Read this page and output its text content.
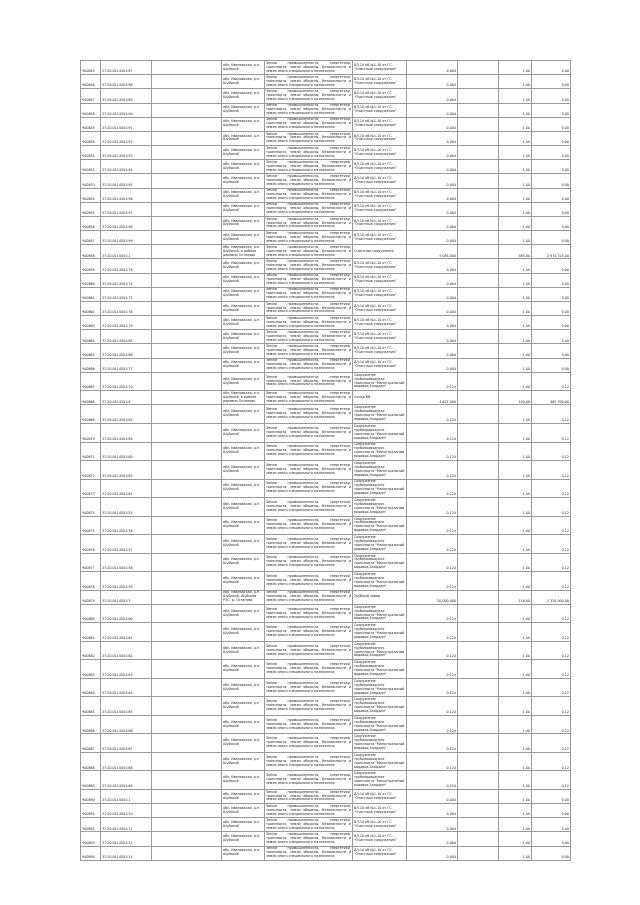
Ч00845	27:20:0114501:87		обл. Ивановская, р-н Шуйский	Земли промышленности, энергетики, транспорта, земли обороны, безопасности и земли иного специального назначения	ВЛ-10 кВ №1-10 от ГС "Очистные сооружения"	0,004		1,00	0,00
Ч00846	37:20:0114501:88		обл. Ивановская, р-н Шуйский	Земли промышленности, энергетики, транспорта, земли обороны, безопасности и земли иного специального назначения	ВЛ-10 кВ №1-10 от ГС "Очистные сооружения"	0,004		1,00	0,00
Ч00847	37:20:0114501:89		обл. Ивановская, р-н Шуйский	Земли промышленности, энергетики, транспорта, земли обороны, безопасности и земли иного специального назначения	ВЛ-10 кВ №1-10 от ГС "Очистные сооружения"	0,004		1,00	0,00
Ч00848	37:20:0114501:90		обл. Ивановская, р-н Шуйский	Земли промышленности, энергетики, транспорта, земли обороны, безопасности и земли иного специального назначения	ВЛ-10 кВ №1-10 от ГС "Очистные сооружения"	0,004		1,00	0,00
Ч00849	37:20:0114501:91		обл. Ивановская, р-н Шуйский	Земли промышленности, энергетики, транспорта, земли обороны, безопасности и земли иного специального назначения	ВЛ-10 кВ №1-10 от ГС "Очистные сооружения"	0,004		1,00	0,00
Ч00850	37:20:0114501:92		обл. Ивановская, р-н Шуйский	Земли промышленности, энергетики, транспорта, земли обороны, безопасности и земли иного специального назначения	ВЛ-10 кВ №1-10 от ГС "Очистные сооружения"	0,004		1,00	0,00
Ч00851	37:20:0114501:93		обл. Ивановская, р-н Шуйский	Земли промышленности, энергетики, транспорта, земли обороны, безопасности и земли иного специального назначения	ВЛ-10 кВ №1-10 от ГС "Очистные сооружения"	0,004		1,00	0,00
Ч00852	37:20:0114501:94		обл. Ивановская, р-н Шуйский	Земли промышленности, энергетики, транспорта, земли обороны, безопасности и земли иного специального назначения	ВЛ-10 кВ №1-10 от ГС "Очистные сооружения"	0,004		1,00	0,00
Ч00853	37:20:0114501:95		обл. Ивановская, р-н Шуйский	Земли промышленности, энергетики, транспорта, земли обороны, безопасности и земли иного специального назначения	ВЛ-10 кВ №1-10 от ГС "Очистные сооружения"	0,004		1,00	0,00
Ч00854	37:20:0114501:96		обл. Ивановская, р-н Шуйский	Земли промышленности, энергетики, транспорта, земли обороны, безопасности и земли иного специального назначения	ВЛ-10 кВ №1-10 от ГС "Очистные сооружения"	0,004		1,00	0,00
Ч00855	37:20:0114501:97		обл. Ивановская, р-н Шуйский	Земли промышленности, энергетики, транспорта, земли обороны, безопасности и земли иного специального назначения	ВЛ-10 кВ №1-10 от ГС "Очистные сооружения"	0,004		1,00	0,00
Ч00856	37:20:0114501:98		обл. Ивановская, р-н Шуйский	Земли промышленности, энергетики, транспорта, земли обороны, безопасности и земли иного специального назначения	ВЛ-10 кВ №1-10 от ГС "Очистные сооружения"	0,004		1,00	0,00
Ч00857	37:20:0114501:99		обл. Ивановская, р-н Шуйский	Земли промышленности, энергетики, транспорта, земли обороны, безопасности и земли иного специального назначения	ВЛ-10 кВ №1-10 от ГС "Очистные сооружения"	0,004		1,00	0,00
Ч00858	37:20:0114501:1		обл. Ивановская, р-н Шуйский, в районе деревни Остапово	Земли промышленности, энергетики, транспорта, земли обороны, безопасности и земли иного специального назначения	Очистные сооружения	5 085,000		585,00	2 974 725,00
Ч00859	37:20:0114501:78		обл. Ивановская, р-н Шуйский	Земли промышленности, энергетики, транспорта, земли обороны, безопасности и земли иного специального назначения	ВЛ-10 кВ №1-10 от ГС "Очистные сооружения"	0,004		1,00	0,00
Ч00860	37:20:0114501:74		обл. Ивановская, р-н Шуйский	Земли промышленности, энергетики, транспорта, земли обороны, безопасности и земли иного специального назначения	ВЛ-10 кВ №1-10 от ГС "Очистные сооружения"	0,004		1,00	0,00
Ч00861	37:20:0114501:75		обл. Ивановская, р-н Шуйский	Земли промышленности, энергетики, транспорта, земли обороны, безопасности и земли иного специального назначения	ВЛ-10 кВ №1-10 от ГС "Очистные сооружения"	0,004		1,00	0,00
Ч00862	37:20:0114501:76		обл. Ивановская, р-н Шуйский	Земли промышленности, энергетики, транспорта, земли обороны, безопасности и земли иного специального назначения	ВЛ-10 кВ №1-10 от ГС "Очистные сооружения"	0,004		1,00	0,00
Ч00863	37:20:0114501:79		обл. Ивановская, р-н Шуйский	Земли промышленности, энергетики, транспорта, земли обороны, безопасности и земли иного специального назначения	ВЛ-10 кВ №1-10 от ГС "Очистные сооружения"	0,004		1,00	0,00
Ч00864	37:20:0114501:85		обл. Ивановская, р-н Шуйский	Земли промышленности, энергетики, транспорта, земли обороны, безопасности и земли иного специального назначения	ВЛ-10 кВ №1-10 от ГС "Очистные сооружения"	0,004		1,00	0,00
Ч00865	37:20:0114501:86		обл. Ивановская, р-н Шуйский	Земли промышленности, энергетики, транспорта, земли обороны, безопасности и земли иного специального назначения	ВЛ-10 кВ №1-10 от ГС "Очистные сооружения"	0,004		1,00	0,00
Ч00866	37:20:0114501:77		обл. Ивановская, р-н Шуйский	Земли промышленности, энергетики, транспорта, земли обороны, безопасности и земли иного специального назначения	ВЛ-10 кВ №1-10 от ГС "Очистные сооружения"	0,004		1,00	0,00
Ч00867	37:20:0114501:70		обл. Ивановская, р-н Шуйский	Земли промышленности, энергетики, транспорта, земли обороны, безопасности и земли иного специального назначения	Сооружение трубопроводного транспорта "Магистральный водовод Аладдин"	0,124		1,00	0,12
Ч00868	37:20:0114501:8		обл. Ивановская, р-н Шуйский, в районе деревни Остапово	Земли промышленности, энергетики, транспорта, земли обороны, безопасности и земли иного специального назначения	Склад ВВ	4 627,000		100,00	462 700,00
Ч00869	37:20:0114501:82		обл. Ивановская, р-н Шуйский	Земли промышленности, энергетики, транспорта, земли обороны, безопасности и земли иного специального назначения	Сооружение трубопроводного транспорта "Магистральный водовод Аладдин"	0,124		1,00	0,12
Ч00870	37:20:0114501:84		обл. Ивановская, р-н Шуйский	Земли промышленности, энергетики, транспорта, земли обороны, безопасности и земли иного специального назначения	Сооружение трубопроводного транспорта "Магистральный водовод Аладдин"	0,124		1,00	0,12
Ч00871	37:20:0114501:80		обл. Ивановская, р-н Шуйский	Земли промышленности, энергетики, транспорта, земли обороны, безопасности и земли иного специального назначения	Сооружение трубопроводного транспорта "Магистральный водовод Аладдин"	0,124		1,00	0,12
Ч00872	37:20:0114501:83		обл. Ивановская, р-н Шуйский	Земли промышленности, энергетики, транспорта, земли обороны, безопасности и земли иного специального назначения	Сооружение трубопроводного транспорта "Магистральный водовод Аладдин"	0,124		1,00	0,12
Ч00873	37:20:0114501:81		обл. Ивановская, р-н Шуйский	Земли промышленности, энергетики, транспорта, земли обороны, безопасности и земли иного специального назначения	Сооружение трубопроводного транспорта "Магистральный водовод Аладдин"	0,124		1,00	0,12
Ч00874	37:20:0114501:55		обл. Ивановская, р-н Шуйский	Земли промышленности, энергетики, транспорта, земли обороны, безопасности и земли иного специального назначения	Сооружение трубопроводного транспорта "Магистральный водовод Аладдин"	0,124		1,00	0,12
Ч00875	37:20:0114501:56		обл. Ивановская, р-н Шуйский	Земли промышленности, энергетики, транспорта, земли обороны, безопасности и земли иного специального назначения	Сооружение трубопроводного транспорта "Магистральный водовод Аладдин"	0,124		1,00	0,12
Ч00876	37:20:0114501:57		обл. Ивановская, р-н Шуйский	Земли промышленности, энергетики, транспорта, земли обороны, безопасности и земли иного специального назначения	Сооружение трубопроводного транспорта "Магистральный водовод Аладдин"	0,124		1,00	0,12
Ч00877	37:20:0114501:58		обл. Ивановская, р-н Шуйский	Земли промышленности, энергетики, транспорта, земли обороны, безопасности и земли иного специального назначения	Сооружение трубопроводного транспорта "Магистральный водовод Аладдин"	0,124		1,00	0,12
Ч00878	37:20:0114501:59		обл. Ивановская, р-н Шуйский	Земли промышленности, энергетики, транспорта, земли обороны, безопасности и земли иного специального назначения	Сооружение трубопроводного транспорта "Магистральный водовод Аладдин"	0,124		1,00	0,12
Ч00879	37:20:0114501:3		обл. Ивановская, р-н Шуйский, Шуйская РЭС, д. Остапово	Земли промышленности, энергетики, транспорта, земли обороны, безопасности и земли иного специального назначения	Трубный завод	20 000,000		116,00	2 320 000,00
Ч00880	37:20:0114501:60		обл. Ивановская, р-н Шуйский	Земли промышленности, энергетики, транспорта, земли обороны, безопасности и земли иного специального назначения	Сооружение трубопроводного транспорта "Магистральный водовод Аладдин"	0,124		1,00	0,12
Ч00881	37:20:0114501:61		обл. Ивановская, р-н Шуйский	Земли промышленности, энергетики, транспорта, земли обороны, безопасности и земли иного специального назначения	Сооружение трубопроводного транспорта "Магистральный водовод Аладдин"	0,124		1,00	0,12
Ч00882	37:20:0114501:62		обл. Ивановская, р-н Шуйский	Земли промышленности, энергетики, транспорта, земли обороны, безопасности и земли иного специального назначения	Сооружение трубопроводного транспорта "Магистральный водовод Аладдин"	0,124		1,00	0,12
Ч00883	37:20:0114501:63		обл. Ивановская, р-н Шуйский	Земли промышленности, энергетики, транспорта, земли обороны, безопасности и земли иного специального назначения	Сооружение трубопроводного транспорта "Магистральный водовод Аладдин"	0,124		1,00	0,12
Ч00884	37:20:0114501:64		обл. Ивановская, р-н Шуйский	Земли промышленности, энергетики, транспорта, земли обороны, безопасности и земли иного специального назначения	Сооружение трубопроводного транспорта "Магистральный водовод Аладдин"	0,124		1,00	0,12
Ч00885	37:20:0114501:65		обл. Ивановская, р-н Шуйский	Земли промышленности, энергетики, транспорта, земли обороны, безопасности и земли иного специального назначения	Сооружение трубопроводного транспорта "Магистральный водовод Аладдин"	0,124		1,00	0,12
Ч00886	37:20:0114501:66		обл. Ивановская, р-н Шуйский	Земли промышленности, энергетики, транспорта, земли обороны, безопасности и земли иного специального назначения	Сооружение трубопроводного транспорта "Магистральный водовод Аладдин"	0,124		1,00	0,12
Ч00887	37:20:0114501:67		обл. Ивановская, р-н Шуйский	Земли промышленности, энергетики, транспорта, земли обороны, безопасности и земли иного специального назначения	Сооружение трубопроводного транспорта "Магистральный водовод Аладдин"	0,124		1,00	0,12
Ч00888	37:20:0114501:68		обл. Ивановская, р-н Шуйский	Земли промышленности, энергетики, транспорта, земли обороны, безопасности и земли иного специального назначения	Сооружение трубопроводного транспорта "Магистральный водовод Аладдин"	0,124		1,00	0,12
Ч00889	37:20:0114501:69		обл. Ивановская, р-н Шуйский	Земли промышленности, энергетики, транспорта, земли обороны, безопасности и земли иного специального назначения	Сооружение трубопроводного транспорта "Магистральный водовод Аладдин"	0,124		1,00	0,12
Ч00890	37:20:0114501:1		обл. Ивановская, р-н Шуйский	Земли промышленности, энергетики, транспорта, земли обороны, безопасности и земли иного специального назначения	ВЛ-10 кВ №1-10 от ГС "Очистные сооружения"	0,004		1,00	0,00
Ч00891	37:20:0114501:10		обл. Ивановская, р-н Шуйский	Земли промышленности, энергетики, транспорта, земли обороны, безопасности и земли иного специального назначения	ВЛ-10 кВ №1-10 от ГС "Очистные сооружения"	0,004		1,00	0,00
Ч00892	37:20:0114501:11		обл. Ивановская, р-н Шуйский	Земли промышленности, энергетики, транспорта, земли обороны, безопасности и земли иного специального назначения	ВЛ-10 кВ №1-10 от ГС "Очистные сооружения"	0,004		1,00	0,00
Ч00893	37:20:0114501:12		обл. Ивановская, р-н Шуйский	Земли промышленности, энергетики, транспорта, земли обороны, безопасности и земли иного специального назначения	ВЛ-10 кВ №1-10 от ГС "Очистные сооружения"	0,004		1,00	0,00
Ч00894	37:20:0114501:14		обл. Ивановская, р-н Шуйский	Земли промышленности, энергетики, транспорта, земли обороны, безопасности и земли иного специального назначения	ВЛ-10 кВ №1-10 от ГС "Очистные сооружения"	0,004		1,00	0,00
